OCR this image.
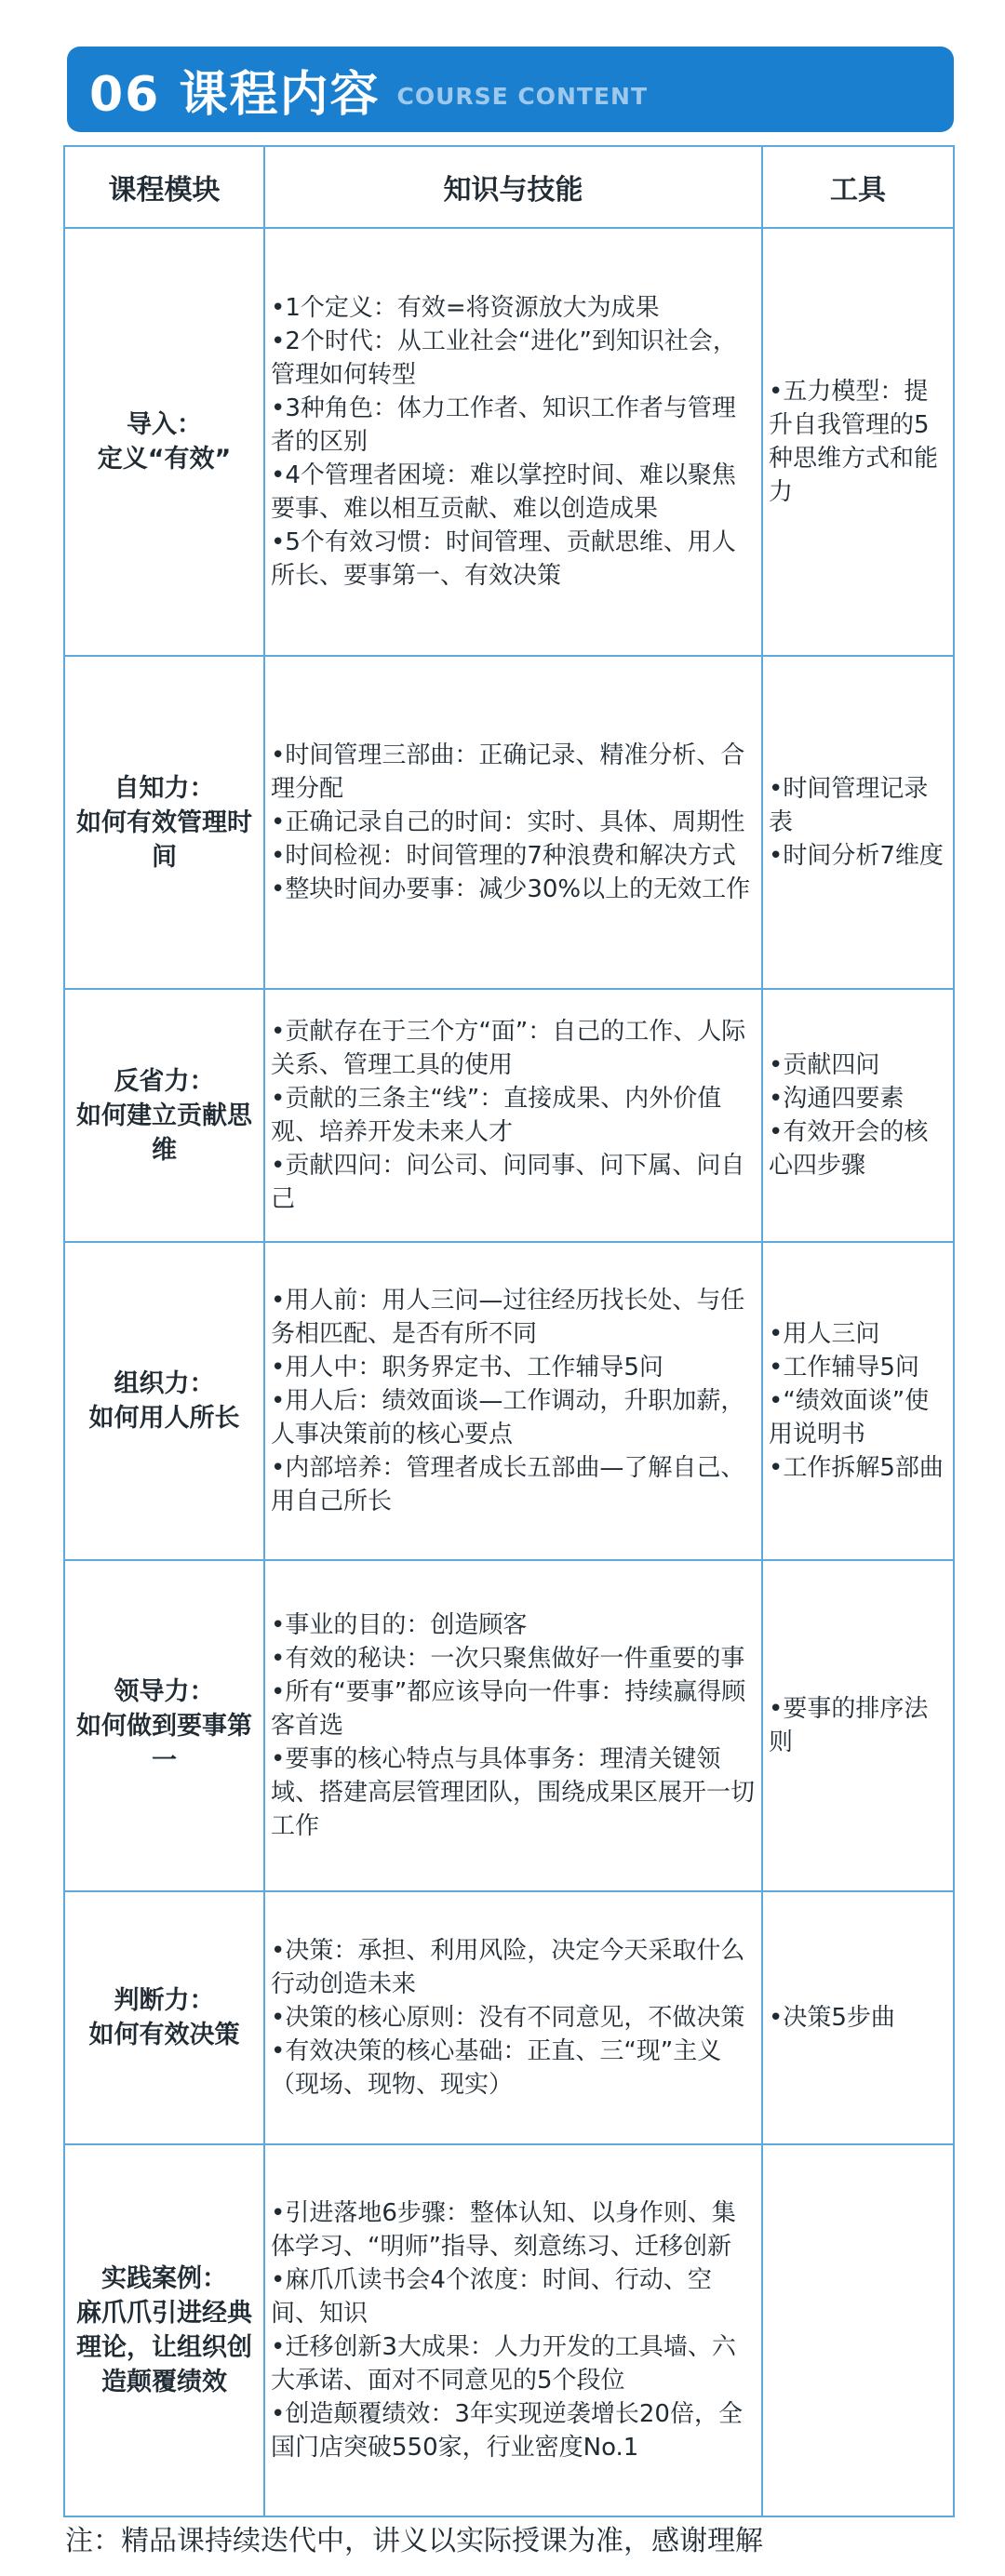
06 课程内容 COURSE CONTENT
课程模块	知识与技能	工具

导入：
定义“有效”	•1个定义：有效=将资源放大为成果
•2个时代：从工业社会“进化”到知识社会，管理如何转型
•3种角色：体力工作者、知识工作者与管理者的区别
•4个管理者困境：难以掌控时间、难以聚焦要事、难以相互贡献、难以创造成果
•5个有效习惯：时间管理、贡献思维、用人所长、要事第一、有效决策	•五力模型：提升自我管理的5种思维方式和能力

自知力：
如何有效管理时间	•时间管理三部曲：正确记录、精准分析、合理分配
•正确记录自己的时间：实时、具体、周期性
•时间检视：时间管理的7种浪费和解决方式
•整块时间办要事：减少30%以上的无效工作	•时间管理记录表
•时间分析7维度

反省力：
如何建立贡献思维	•贡献存在于三个方“面”：自己的工作、人际关系、管理工具的使用
•贡献的三条主“线”：直接成果、内外价值观、培养开发未来人才
•贡献四问：问公司、问同事、问下属、问自己	•贡献四问
•沟通四要素
•有效开会的核心四步骤

组织力：
如何用人所长	•用人前：用人三问—过往经历找长处、与任务相匹配、是否有所不同
•用人中：职务界定书、工作辅导5问
•用人后：绩效面谈—工作调动，升职加薪，人事决策前的核心要点
•内部培养：管理者成长五部曲—了解自己、用自己所长	•用人三问
•工作辅导5问
•“绩效面谈”使用说明书
•工作拆解5部曲

领导力：
如何做到要事第一	•事业的目的：创造顾客
•有效的秘诀：一次只聚焦做好一件重要的事
•所有“要事”都应该导向一件事：持续赢得顾客首选
•要事的核心特点与具体事务：理清关键领域、搭建高层管理团队，围绕成果区展开一切工作	•要事的排序法则

判断力：
如何有效决策	•决策：承担、利用风险，决定今天采取什么行动创造未来
•决策的核心原则：没有不同意见，不做决策
•有效决策的核心基础：正直、三“现”主义（现场、现物、现实）	•决策5步曲

实践案例：
麻爪爪引进经典理论，让组织创造颠覆绩效	•引进落地6步骤：整体认知、以身作则、集体学习、“明师”指导、刻意练习、迁移创新
•麻爪爪读书会4个浓度：时间、行动、空间、知识
•迁移创新3大成果：人力开发的工具墙、六大承诺、面对不同意见的5个段位
•创造颠覆绩效：3年实现逆袭增长20倍，全国门店突破550家，行业密度No.1	

注：精品课持续迭代中，讲义以实际授课为准，感谢理解
